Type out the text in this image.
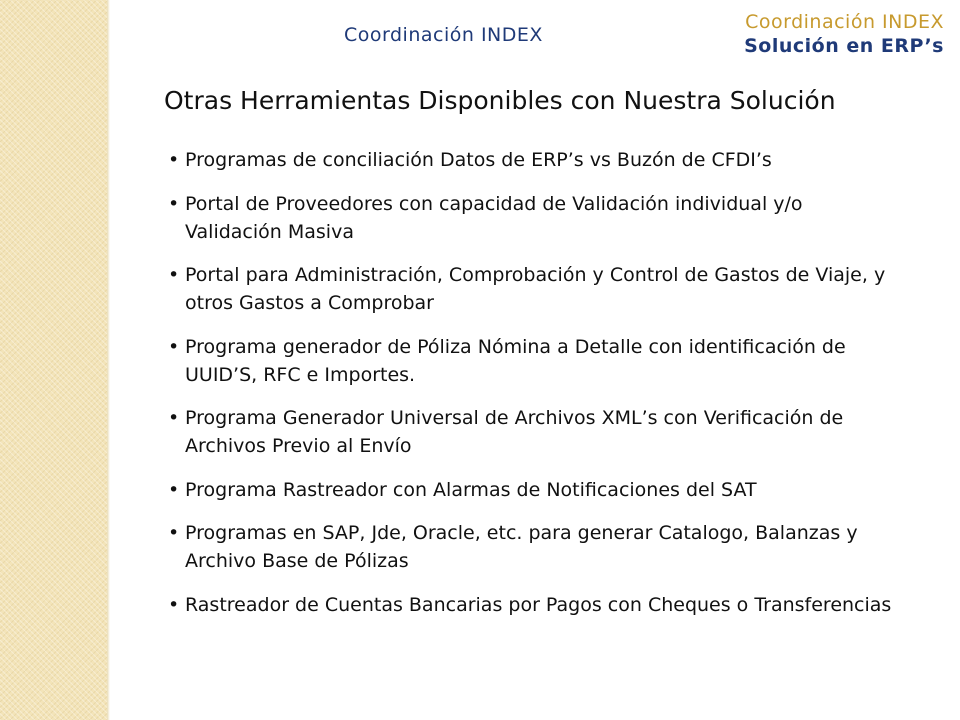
Coordinación INDEX
Coordinación INDEX
Solución en ERP’s
Otras Herramientas Disponibles con Nuestra Solución
• Programas de conciliación Datos de ERP’s vs Buzón de CFDI’s
• Portal de Proveedores con capacidad de Validación individual y/o Validación Masiva
• Portal para Administración, Comprobación y Control de Gastos de Viaje, y otros Gastos a Comprobar
• Programa generador de Póliza Nómina a Detalle con identificación de UUID’S, RFC e Importes.
• Programa Generador Universal de Archivos XML’s con Verificación de Archivos Previo al Envío
• Programa Rastreador con Alarmas de Notificaciones del SAT
• Programas en SAP, Jde, Oracle, etc. para generar Catalogo, Balanzas y Archivo Base de Pólizas
• Rastreador de Cuentas Bancarias por Pagos con Cheques o Transferencias
